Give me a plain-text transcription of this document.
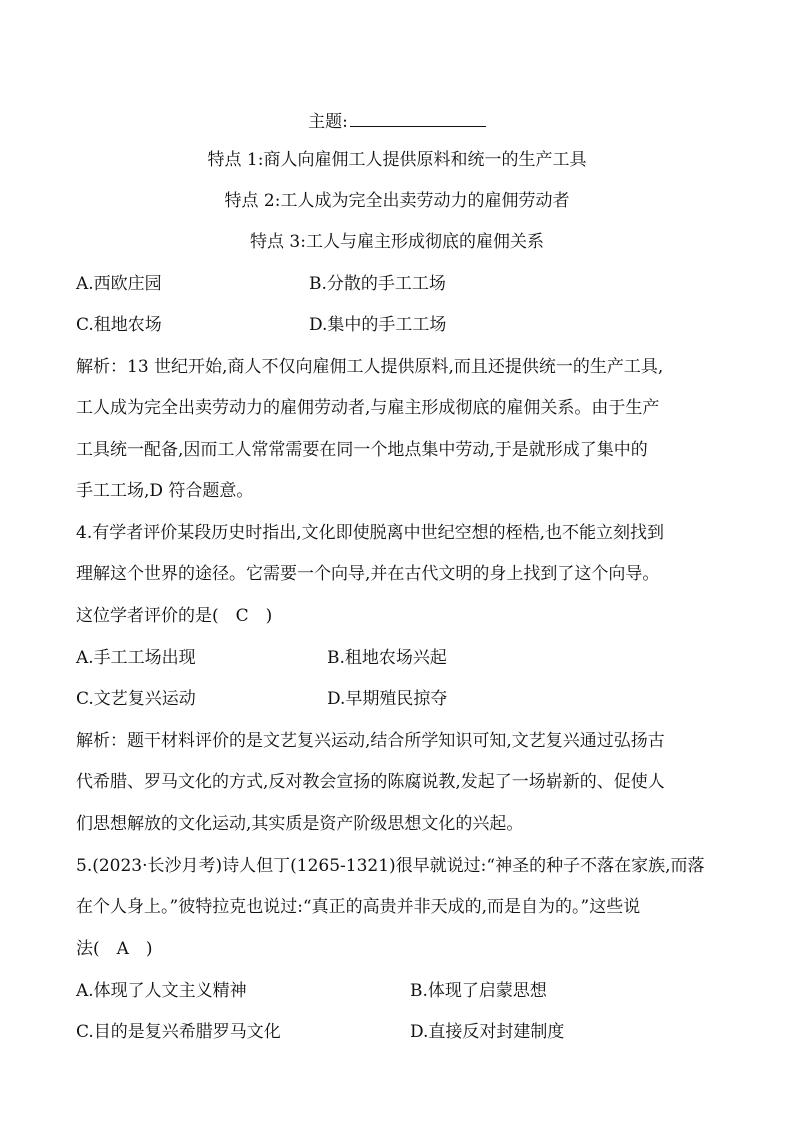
主题:
特点 1:商人向雇佣工人提供原料和统一的生产工具
特点 2:工人成为完全出卖劳动力的雇佣劳动者
特点 3:工人与雇主形成彻底的雇佣关系
A.西欧庄园	B.分散的手工工场
C.租地农场	D.集中的手工工场
解析：13 世纪开始,商人不仅向雇佣工人提供原料,而且还提供统一的生产工具,
工人成为完全出卖劳动力的雇佣劳动者,与雇主形成彻底的雇佣关系。由于生产
工具统一配备,因而工人常常需要在同一个地点集中劳动,于是就形成了集中的
手工工场,D 符合题意。
4.有学者评价某段历史时指出,文化即使脱离中世纪空想的桎梏,也不能立刻找到
理解这个世界的途径。它需要一个向导,并在古代文明的身上找到了这个向导。
这位学者评价的是(　C　)
A.手工工场出现	B.租地农场兴起
C.文艺复兴运动	D.早期殖民掠夺
解析：题干材料评价的是文艺复兴运动,结合所学知识可知,文艺复兴通过弘扬古
代希腊、罗马文化的方式,反对教会宣扬的陈腐说教,发起了一场崭新的、促使人
们思想解放的文化运动,其实质是资产阶级思想文化的兴起。
5.(2023·长沙月考)诗人但丁(1265-1321)很早就说过:“神圣的种子不落在家族,而落
在个人身上。”彼特拉克也说过:“真正的高贵并非天成的,而是自为的。”这些说
法(　A　)
A.体现了人文主义精神	B.体现了启蒙思想
C.目的是复兴希腊罗马文化	D.直接反对封建制度
